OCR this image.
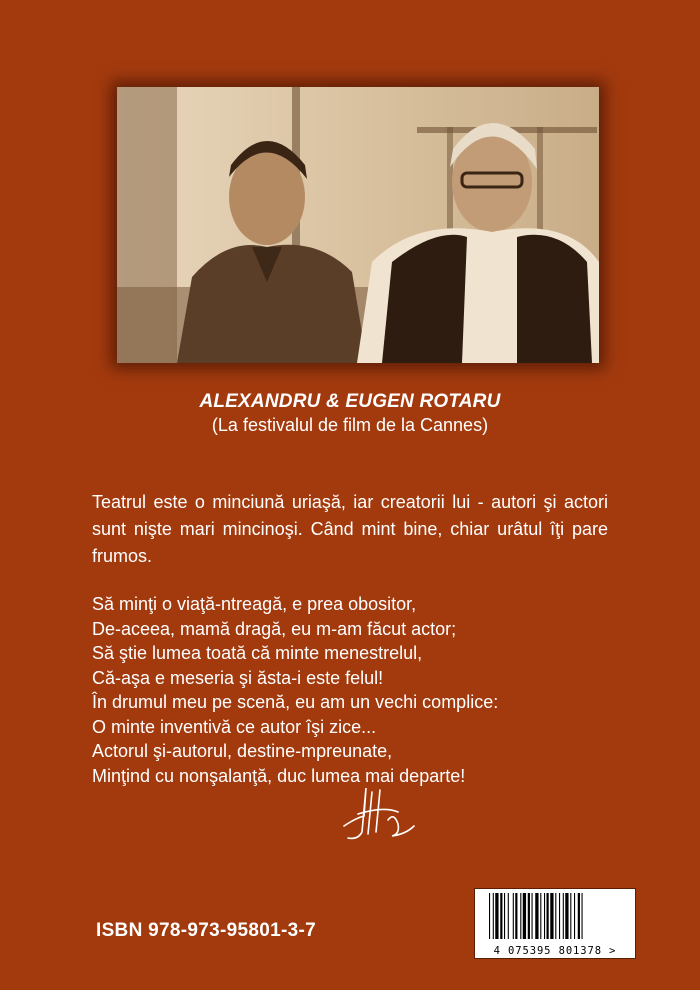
ALEXANDRU & EUGEN ROTARU
(La festivalul de film de la Cannes)

Teatrul este o minciună uriaşă, iar creatorii lui - autori şi actori sunt nişte mari mincinoşi. Când mint bine, chiar urâtul îţi pare frumos.

Să minţi o viaţă-ntreagă, e prea obositor,
De-aceea, mamă dragă, eu m-am făcut actor;
Să ştie lumea toată că minte menestrelul,
Că-aşa e meseria şi ăsta-i este felul!
În drumul meu pe scenă, eu am un vechi complice:
O minte inventivă ce autor îşi zice...
Actorul şi-autorul, destine-mpreunate,
Minţind cu nonşalanţă, duc lumea mai departe!
ISBN 978-973-95801-3-7
4 075395 801378 >
